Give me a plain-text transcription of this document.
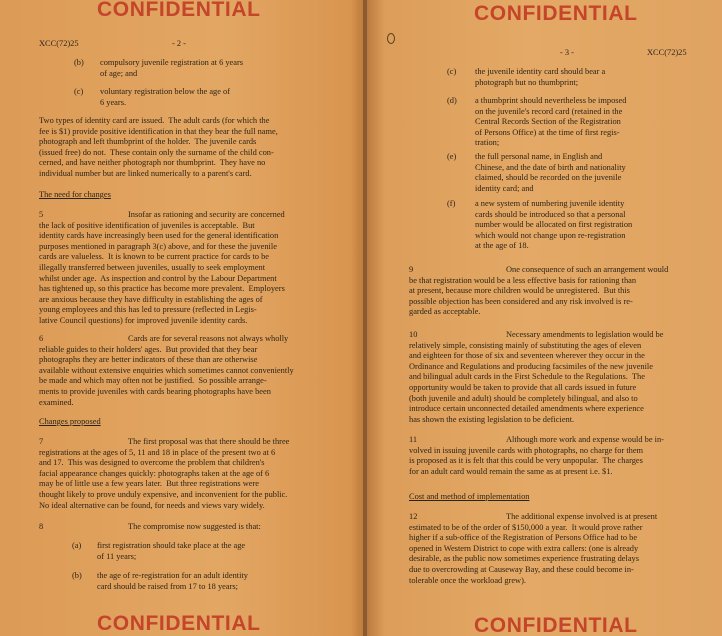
CONFIDENTIAL
XCC(72)25	- 2 -
(b) compulsory juvenile registration at 6 years
of age; and
(c) voluntary registration below the age of
6 years.
Two types of identity card are issued.  The adult cards (for which the
fee is $1) provide positive identification in that they bear the full name,
photograph and left thumbprint of the holder.  The juvenile cards
(issued free) do not.  These contain only the surname of the child con-
cerned, and have neither photograph nor thumbprint.  They have no
individual number but are linked numerically to a parent's card.
The need for changes
5	Insofar as rationing and security are concerned
the lack of positive identification of juveniles is acceptable.  But
identity cards have increasingly been used for the general identification
purposes mentioned in paragraph 3(c) above, and for these the juvenile
cards are valueless.  It is known to be current practice for cards to be
illegally transferred between juveniles, usually to seek employment
whilst under age.  As inspection and control by the Labour Department
has tightened up, so this practice has become more prevalent.  Employers
are anxious because they have difficulty in establishing the ages of
young employees and this has led to pressure (reflected in Legis-
lative Council questions) for improved juvenile identity cards.
6	Cards are for several reasons not always wholly
reliable guides to their holders' ages.  But provided that they bear
photographs they are better indicators of these than are otherwise
available without extensive enquiries which sometimes cannot conveniently
be made and which may often not be justified.  So possible arrange-
ments to provide juveniles with cards bearing photographs have been
examined.
Changes proposed
7	The first proposal was that there should be three
registrations at the ages of 5, 11 and 18 in place of the present two at 6
and 17.  This was designed to overcome the problem that children's
facial appearance changes quickly: photographs taken at the age of 6
may be of little use a few years later.  But three registrations were
thought likely to prove unduly expensive, and inconvenient for the public.
No ideal alternative can be found, for needs and views vary widely.
8	The compromise now suggested is that:
(a) first registration should take place at the age
of 11 years;
(b) the age of re-registration for an adult identity
card should be raised from 17 to 18 years;
CONFIDENTIAL
CONFIDENTIAL
- 3 -	XCC(72)25
(c) the juvenile identity card should bear a
photograph but no thumbprint;
(d) a thumbprint should nevertheless be imposed
on the juvenile's record card (retained in the
Central Records Section of the Registration
of Persons Office) at the time of first regis-
tration;
(e) the full personal name, in English and
Chinese, and the date of birth and nationality
claimed, should be recorded on the juvenile
identity card; and
(f) a new system of numbering juvenile identity
cards should be introduced so that a personal
number would be allocated on first registration
which would not change upon re-registration
at the age of 18.
9	One consequence of such an arrangement would
be that registration would be a less effective basis for rationing than
at present, because more children would be unregistered.  But this
possible objection has been considered and any risk involved is re-
garded as acceptable.
10	Necessary amendments to legislation would be
relatively simple, consisting mainly of substituting the ages of eleven
and eighteen for those of six and seventeen wherever they occur in the
Ordinance and Regulations and producing facsimiles of the new juvenile
and bilingual adult cards in the First Schedule to the Regulations.  The
opportunity would be taken to provide that all cards issued in future
(both juvenile and adult) should be completely bilingual, and also to
introduce certain unconnected detailed amendments where experience
has shown the existing legislation to be deficient.
11	Although more work and expense would be in-
volved in issuing juvenile cards with photographs, no charge for them
is proposed as it is felt that this could be very unpopular.  The charges
for an adult card would remain the same as at present i.e. $1.
Cost and method of implementation
12	The additional expense involved is at present
estimated to be of the order of $150,000 a year.  It would prove rather
higher if a sub-office of the Registration of Persons Office had to be
opened in Western District to cope with extra callers: (one is already
desirable, as the public now sometimes experience frustrating delays
due to overcrowding at Causeway Bay, and these could become in-
tolerable once the workload grew).
CONFIDENTIAL
